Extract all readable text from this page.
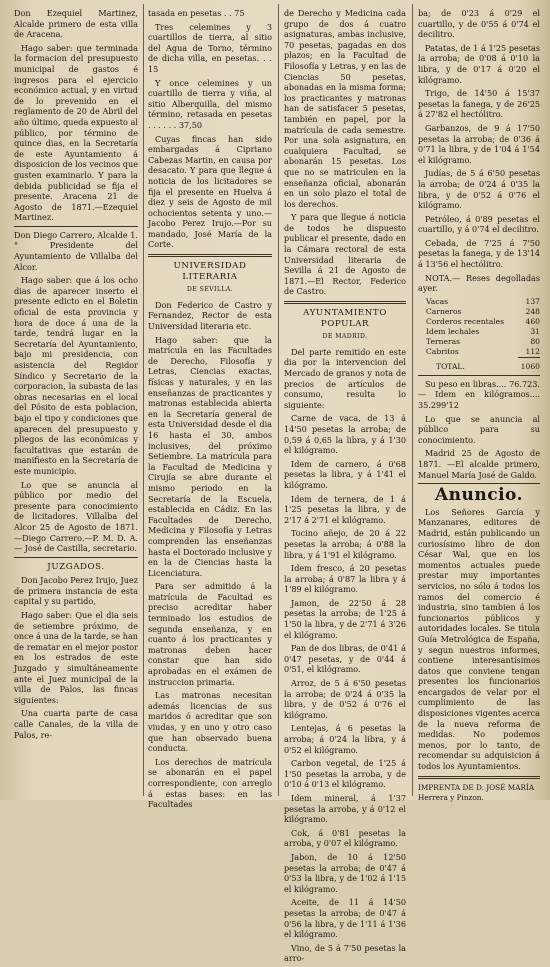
Don Ezequiel Martinez, Alcalde primero de esta villa de Aracena.

Hago saber: que terminada la formacion del presupuesto municipal de gastos é ingresos para el ejercicio económico actual, y en virtud de lo prevenido en el reglamento de 20 de Abril del año último, queda expuesto al público, por término de quince dias, en la Secretaría de este Ayuntamiento á disposicion de los vecinos que gusten examinarlo. Y para la debida publicidad se fija el presente. Aracena 21 de Agosto de 1871.—Ezequiel Martinez.

Don Diego Carrero, Alcalde 1.° Presidente del Ayuntamiento de Villalba del Alcor.

Hago saber: que á los ocho dias de aparecer inserto el presente edicto en el Boletin oficial de esta provincia y hora de doce á una de la tarde, tendrá lugar en la Secretaría del Ayuntamiento, bajo mi presidencia, con asistencia del Regidor Síndico y Secretario de la corporacion, la subasta de las obras necesarias en el local del Pósito de esta poblacion, bajo el tipo y condiciones que aparecen del presupuesto y pliegos de las económicas y facultativas que estarán de manifiesto en la Secretaría de este municipio.

Lo que se anuncia al público por medio del presente para conocimiento de licitadores. Villalba del Alcor 25 de Agosto de 1871.—Diego Carrero.—P. M. D. A.— José de Castilla, secretario.

JUZGADOS.

Don Jacobo Perez Irujo, Juez de primera instancia de esta capital y su partido,

Hago saber: Que el dia seis de setiembre próximo, de once á una de la tarde, se han de rematar en el mejor postor en los estrados de este Juzgado y simultáneamente ante el Juez municipal de la villa de Palos, las fincas siguientes:

Una cuarta parte de casa calle Canales, de la villa de Palos, re-

tasada en pesetas . . 75

Tres celemines y 3 cuartillos de tierra, al sitio del Agua de Torno, término de dicha villa, en pesetas. . . 15

Y once celemines y un cuartillo de tierra y viña, al sitio Alberquilla, del mismo término, retasada en pesetas . . . . . . 37,50

Cuyas fincas han sido embargadas á Cipriano Cabezas Martin, en causa por desacato. Y para que llegue á noticia de los licitadores se fija el presente en Huelva á diez y seis de Agosto de mil ochocientos setenta y uno.—Jacobo Perez Irujo.—Por su mandado, José María de la Corte.

UNIVERSIDAD LITERARIA
DE SEVILLA.

Don Federico de Castro y Fernandez, Rector de esta Universidad literaria etc.

Hago saber: que la matrícula en las Facultades de Derecho, Filosofía y Letras, Ciencias exactas, físicas y naturales, y en las enseñanzas de practicantes y matronas establecida abierta en la Secretaría general de esta Universidad desde el dia 16 hasta el 30, ambos inclusives, del próximo Setiembre. La matrícula para la Facultad de Medicina y Cirujía se abre durante el mismo periodo en la Secretaría de la Escuela, establecida en Cádiz. En las Facultades de Derecho, Medicina y Filosofía y Letras comprenden las enseñanzas hasta el Doctorado inclusive y en la de Ciencias hasta la Licenciatura.

Para ser admitido á la matrícula de Facultad es preciso acreditar haber terminado los estudios de segunda enseñanza, y en cuanto á los practicantes y matronas deben hacer constar que han sido aprobadas en el exámen de instruccion primaria.

Las matronas necesitan además licencias de sus maridos ó acreditar que son viudas, y en uno y otro caso que han observado buena conducta.

Los derechos de matrícula se abonarán en el papel correspondiente, con arreglo á estas bases: en las Facultades

de Derecho y Medicina cada grupo de dos á cuatro asignaturas, ambas inclusive, 70 pesetas, pagadas en dos plazos; en la Facultad de Filosofía y Letras, y en las de Ciencias 50 pesetas, abonadas en la misma forma; los practicantes y matronas han de satisfacer 5 pesetas, también en papel, por la matrícula de cada semestre. Por una sola asignatura, en cualquiera Facultad, se abonarán 15 pesetas. Los que no se matriculen en la enseñanza oficial, abonarán en un solo plazo el total de los derechos.

Y para que llegue á noticia de todos he dispuesto publicar el presente, dado en la Cámara rectoral de esta Universidad literaria de Sevilla á 21 de Agosto de 1871.—El Rector, Federico de Castro.

AYUNTAMIENTO POPULAR
DE MADRID.

Del parte remitido en este dia por la intervencion del Mercado de granos y nota de precios de artículos de consumo, resulta lo siguiente:

Carne de vaca, de 13 á 14'50 pesetas la arroba; de 0,59 á 0,65 la libra, y á 1'30 el kilógramo.

Idem de carnero, á 0'68 pesetas la libra, y á 1'41 el kilógramo.

Idem de ternera, de 1 á 1'25 pesetas la libra, y de 2'17 á 2'71 el kilógramo.

Tocino añejo, de 20 á 22 pesetas la arroba; á 0'88 la libra, y á 1'91 el kilógramo.

Idem fresco, á 20 pesetas la arroba; á 0'87 la libra y á 1'89 el kilógramo.

Jamon, de 22'50 á 28 pesetas la arroba; de 1'25 á 1'50 la libra, y de 2'71 á 3'26 el kilógramo.

Pan de dos libras, de 0'41 á 0'47 pesetas, y de 0'44 á 0'51, el kilógramo.

Arroz, de 5 á 6'50 pesetas la arroba; de 0'24 á 0'35 la libra, y de 0'52 á 0'76 el kilógramo.

Lentejas, á 6 pesetas la arroba; á 0'24 la libra, y á 0'52 el kilógramo.

Carbon vegetal, de 1'25 á 1'50 pesetas la arroba, y de 0'10 á 0'13 el kilógramo.

Idem mineral, á 1'37 pesetas la arroba, y á 0'12 el kilógramo.

Cok, á 0'81 pesetas la arroba, y 0'07 el kilógramo.

Jabon, de 10 á 12'50 pesetas la arroba; de 0'47 á 0'53 la libra, y de 1'02 á 1'15 el kilógramo.

Aceite, de 11 á 14'50 pesetas la arroba; de 0'47 á 0'56 la libra, y de 1'11 á 1'36 el kilógramo.

Vino, de 5 á 7'50 pesetas la arro-

ba; de 0'23 á 0'29 el cuartillo, y de 0'55 á 0'74 el decilitro.

Patatas, de 1 á 1'25 pesetas la arroba; de 0'08 á 0'10 la libra, y de 0'17 á 0'20 el kilógramo.

Trigo, de 14'50 á 15'37 pesetas la fanega, y de 26'25 á 27'82 el hectólitro.

Garbanzos, de 9 á 17'50 pesetas la arroba; de 0'36 á 0'71 la libra, y de 1'04 á 1'54 el kilógramo.

Judías, de 5 á 6'50 pesetas la arroba; de 0'24 á 0'35 la libra, y de 0'52 á 0'76 el kilógramo.

Petróleo, á 0'89 pesetas el cuartillo, y á 0'74 el decilitro.

Cebada, de 7'25 á 7'50 pesetas la fanega, y de 13'14 á 13'56 el hectólitro.

NOTA.— Reses degolladas ayer.

Vacas	137
Carneros	248
Corderos recentales	460
Idem lechales	31
Terneras	80
Cabritos	112
TOTAL.	1060

Su peso en libras.... 76.723.— Idem en kilógramos.... 35.299'12

Lo que se anuncia al público para su conocimiento.

Madrid 25 de Agosto de 1871. —El alcalde primero, Manuel María José de Galdo.

Anuncio.

Los Señores García y Manzanares, editores de Madrid, están publicando un curiosísimo libro de don César Wal, que en los momentos actuales puede prestar muy importantes servicios, no sólo á todos los ramos del comercio é industria, sino tambien á los funcionarios públicos y autoridades locales. Se titula Guía Metrológica de España, y segun nuestros informes, contiene interesantísimos datos que conviene tengan presentes los funcionarios encargados de velar por el cumplimiento de las disposiciones vigentes acerca de la nueva reforma de medidas. No podemos menos, por lo tanto, de recomendar su adquisicion á todos los Ayuntamientos.

IMPRENTA DE D. JOSÉ MARÍA Herrera y Pinzon.
